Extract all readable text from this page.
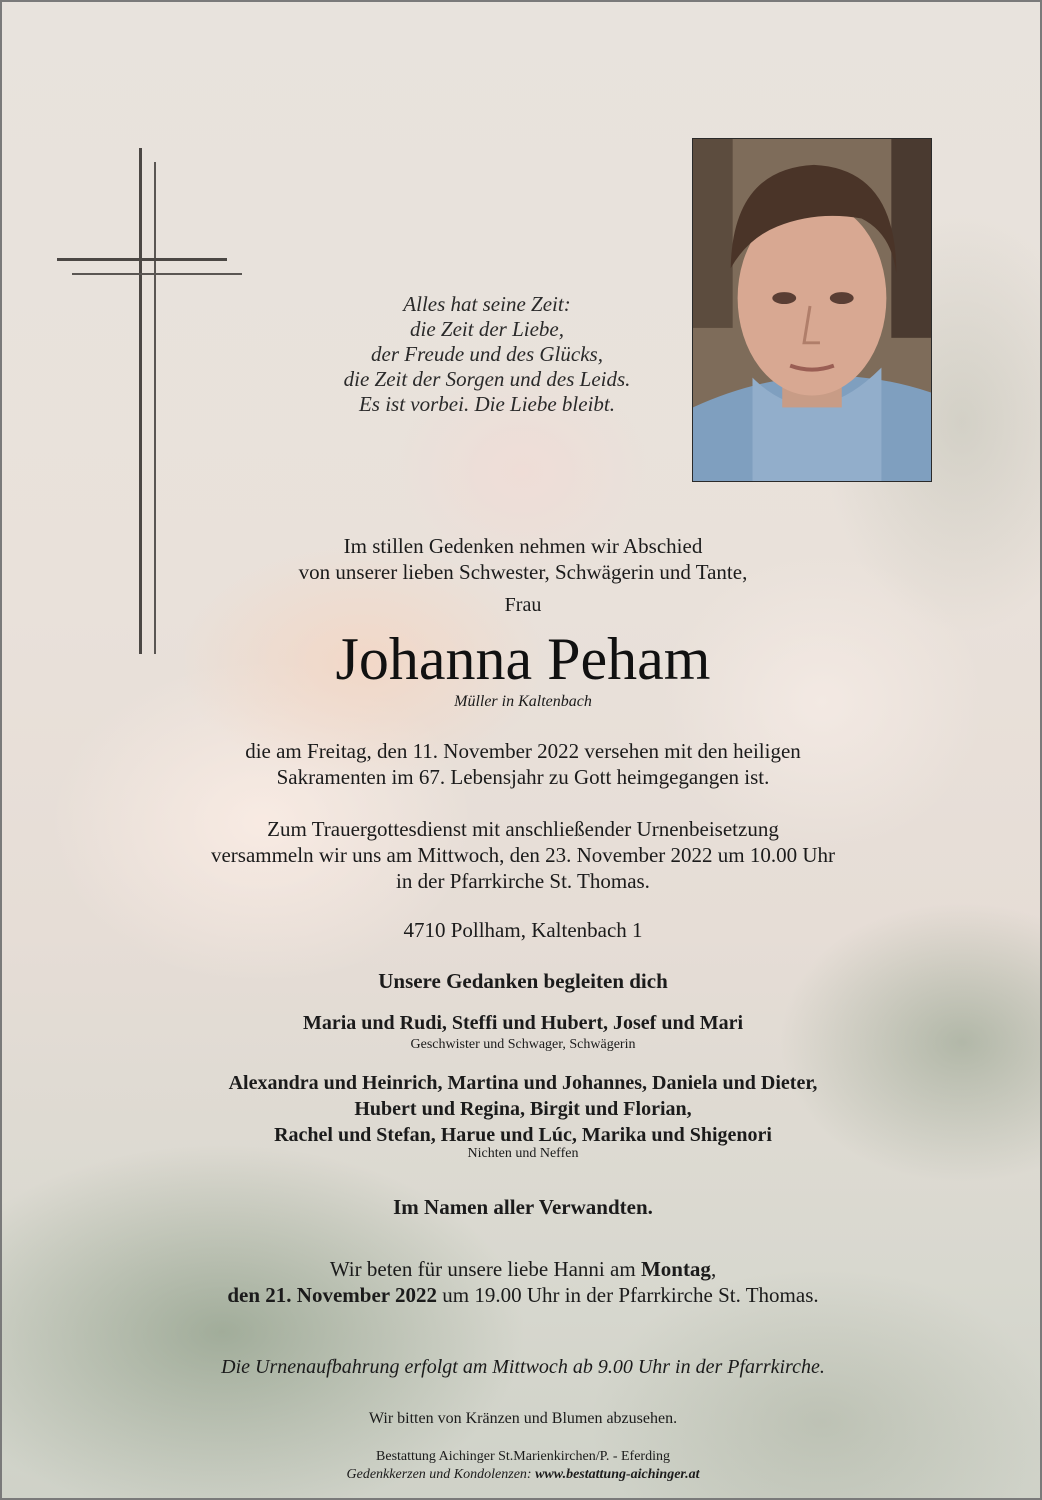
Alles hat seine Zeit:
die Zeit der Liebe,
der Freude und des Glücks,
die Zeit der Sorgen und des Leids.
Es ist vorbei. Die Liebe bleibt.
Im stillen Gedenken nehmen wir Abschied
von unserer lieben Schwester, Schwägerin und Tante,
Frau
Johanna Peham
Müller in Kaltenbach
die am Freitag, den 11. November 2022 versehen mit den heiligen
Sakramenten im 67. Lebensjahr zu Gott heimgegangen ist.
Zum Trauergottesdienst mit anschließender Urnenbeisetzung
versammeln wir uns am Mittwoch, den 23. November 2022 um 10.00 Uhr
in der Pfarrkirche St. Thomas.
4710 Pollham, Kaltenbach 1
Unsere Gedanken begleiten dich
Maria und Rudi, Steffi und Hubert, Josef und Mari
Geschwister und Schwager, Schwägerin
Alexandra und Heinrich, Martina und Johannes, Daniela und Dieter,
Hubert und Regina, Birgit und Florian,
Rachel und Stefan, Harue und Lúc, Marika und Shigenori
Nichten und Neffen
Im Namen aller Verwandten.
Wir beten für unsere liebe Hanni am Montag,
den 21. November 2022 um 19.00 Uhr in der Pfarrkirche St. Thomas.
Die Urnenaufbahrung erfolgt am Mittwoch ab 9.00 Uhr in der Pfarrkirche.
Wir bitten von Kränzen und Blumen abzusehen.
Bestattung Aichinger St.Marienkirchen/P. - Eferding
Gedenkkerzen und Kondolenzen: www.bestattung-aichinger.at
